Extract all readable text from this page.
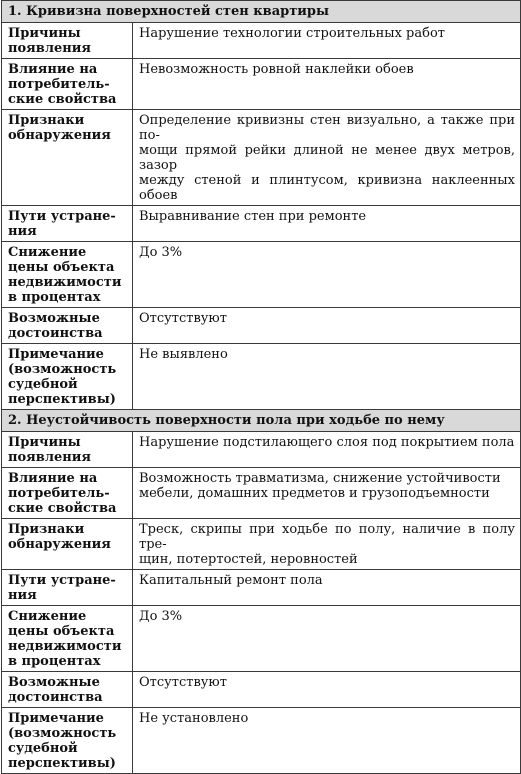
1. Кривизна поверхностей стен квартиры	
Причины
появления	Нарушение технологии строительных работ
Влияние на
потребитель-
ские свойства	Невозможность ровной наклейки обоев
Признаки
обнаружения	Определение кривизны стен визуально, а также при по-
мощи прямой рейки длиной не менее двух метров, зазор
между стеной и плинтусом, кривизна наклеенных обоев
Пути устране-
ния	Выравнивание стен при ремонте
Снижение
цены объекта
недвижимости
в процентах	До 3%
Возможные
достоинства	Отсутствуют
Примечание
(возможность
судебной
перспективы)	Не выявлено
2. Неустойчивость поверхности пола при ходьбе по нему	
Причины
появления	Нарушение подстилающего слоя под покрытием пола
Влияние на
потребитель-
ские свойства	Возможность травматизма, снижение устойчивости
мебели, домашних предметов и грузоподъемности
Признаки
обнаружения	Треск, скрипы при ходьбе по полу, наличие в полу тре-
щин, потертостей, неровностей
Пути устране-
ния	Капитальный ремонт пола
Снижение
цены объекта
недвижимости
в процентах	До 3%
Возможные
достоинства	Отсутствуют
Примечание
(возможность
судебной
перспективы)	Не установлено
